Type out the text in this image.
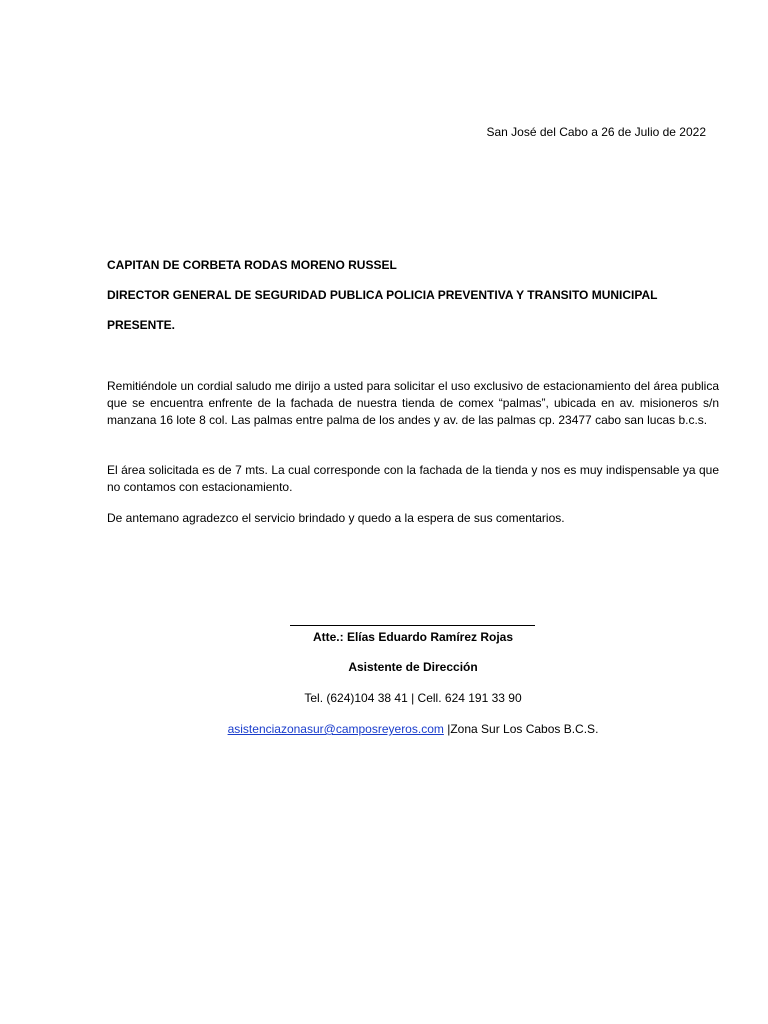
San José del Cabo a 26 de Julio de 2022

CAPITAN DE CORBETA RODAS MORENO RUSSEL

DIRECTOR GENERAL DE SEGURIDAD PUBLICA POLICIA PREVENTIVA Y TRANSITO MUNICIPAL

PRESENTE.

Remitiéndole un cordial saludo me dirijo a usted para solicitar el uso exclusivo de estacionamiento del área publica que se encuentra enfrente de la fachada de nuestra tienda de comex “palmas”, ubicada en av. misioneros s/n manzana 16 lote 8 col. Las palmas entre palma de los andes y av. de las palmas cp. 23477 cabo san lucas b.c.s.

El área solicitada es de 7 mts. La cual corresponde con la fachada de la tienda y nos es muy indispensable ya que no contamos con estacionamiento.

De antemano agradezco el servicio brindado y quedo a la espera de sus comentarios.

Atte.: Elías Eduardo Ramírez Rojas

Asistente de Dirección

Tel. (624)104 38 41 | Cell. 624 191 33 90

asistenciazonasur@camposreyeros.com |Zona Sur Los Cabos B.C.S.
